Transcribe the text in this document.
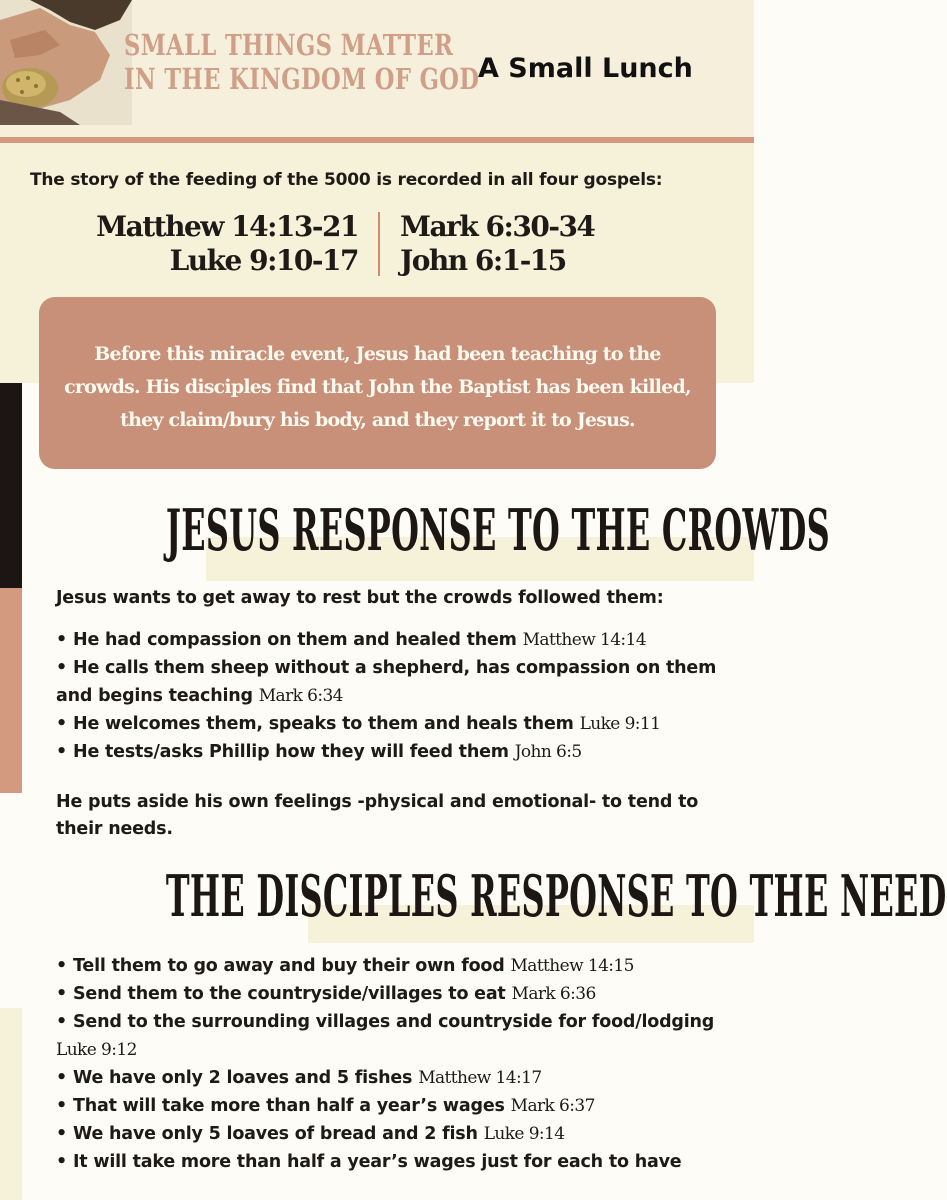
SMALL THINGS MATTER
IN THE KINGDOM OF GOD
A Small Lunch
The story of the feeding of the 5000 is recorded in all four gospels:
Matthew 14:13-21
Luke 9:10-17
Mark 6:30-34
John 6:1-15
Before this miracle event, Jesus had been teaching to the crowds. His disciples find that John the Baptist has been killed, they claim/bury his body, and they report it to Jesus.
JESUS RESPONSE TO THE CROWDS
Jesus wants to get away to rest but the crowds followed them:
• He had compassion on them and healed them Matthew 14:14
• He calls them sheep without a shepherd, has compassion on them and begins teaching Mark 6:34
• He welcomes them, speaks to them and heals them Luke 9:11
• He tests/asks Phillip how they will feed them John 6:5
He puts aside his own feelings -physical and emotional- to tend to their needs.
THE DISCIPLES RESPONSE TO THE NEED
• Tell them to go away and buy their own food Matthew 14:15
• Send them to the countryside/villages to eat Mark 6:36
• Send to the surrounding villages and countryside for food/lodging Luke 9:12
• We have only 2 loaves and 5 fishes Matthew 14:17
• That will take more than half a year’s wages Mark 6:37
• We have only 5 loaves of bread and 2 fish Luke 9:14
• It will take more than half a year’s wages just for each to have
